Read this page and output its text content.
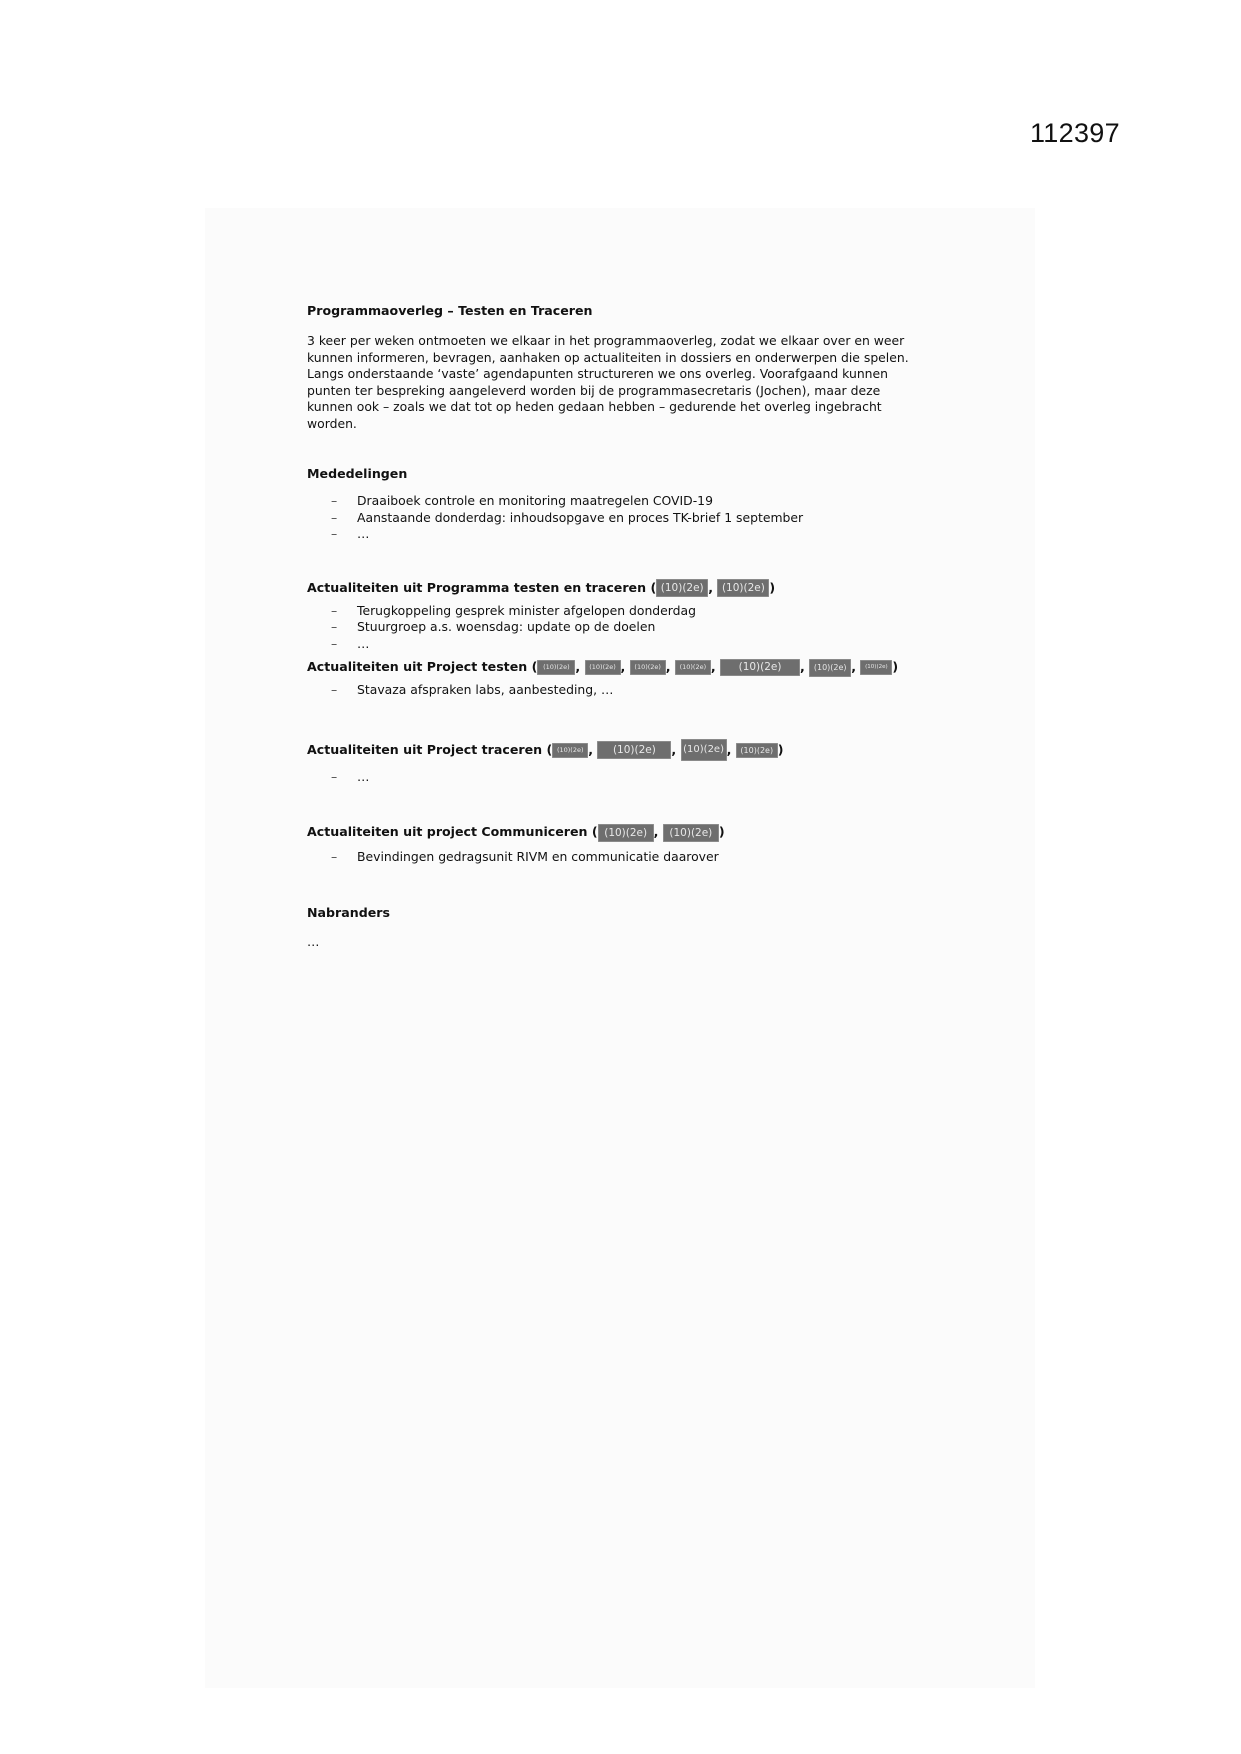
112397
Programmaoverleg – Testen en Traceren

3 keer per weken ontmoeten we elkaar in het programmaoverleg, zodat we elkaar over en weer kunnen informeren, bevragen, aanhaken op actualiteiten in dossiers en onderwerpen die spelen. Langs onderstaande ‘vaste’ agendapunten structureren we ons overleg. Voorafgaand kunnen punten ter bespreking aangeleverd worden bij de programmasecretaris (Jochen), maar deze kunnen ook – zoals we dat tot op heden gedaan hebben – gedurende het overleg ingebracht worden.

Mededelingen
– Draaiboek controle en monitoring maatregelen COVID-19
– Aanstaande donderdag: inhoudsopgave en proces TK-brief 1 september
– …
Actualiteiten uit Programma testen en traceren ( (10)(2e) , (10)(2e) )
– Terugkoppeling gesprek minister afgelopen donderdag
– Stuurgroep a.s. woensdag: update op de doelen
– …
Actualiteiten uit Project testen ( (10)(2e) , (10)(2e) , (10)(2e) , (10)(2e) , (10)(2e) , (10)(2e) , (10)(2e) )
– Stavaza afspraken labs, aanbesteding, …
Actualiteiten uit Project traceren ( (10)(2e) , (10)(2e) , (10)(2e) , (10)(2e) )
– …
Actualiteiten uit project Communiceren ( (10)(2e) , (10)(2e) )
– Bevindingen gedragsunit RIVM en communicatie daarover
Nabranders

…
